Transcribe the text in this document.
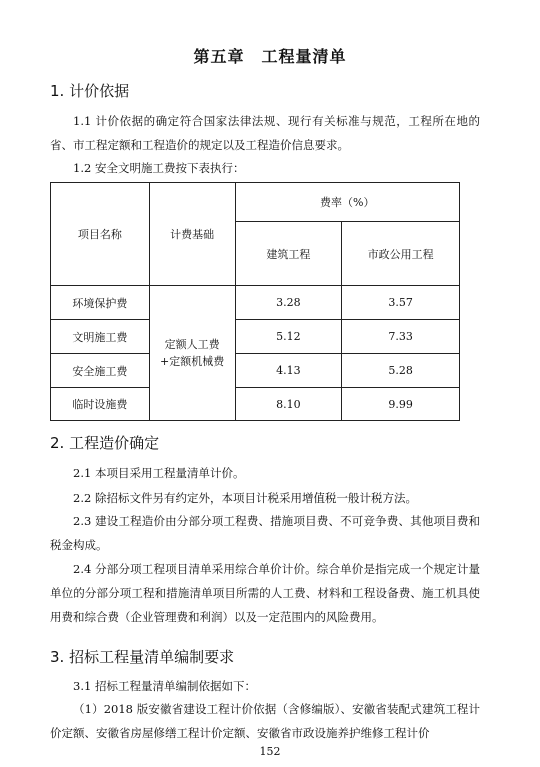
第五章　工程量清单
1. 计价依据
1.1 计价依据的确定符合国家法律法规、现行有关标准与规范，工程所在地的省、市工程定额和工程造价的规定以及工程造价信息要求。
1.2 安全文明施工费按下表执行：
项目名称	计费基础	费率（%）	
		建筑工程	市政公用工程
环境保护费	定额人工费+定额机械费	3.28	3.57
文明施工费		5.12	7.33
安全施工费		4.13	5.28
临时设施费		8.10	9.99
2. 工程造价确定
2.1 本项目采用工程量清单计价。
2.2 除招标文件另有约定外，本项目计税采用增值税一般计税方法。
2.3 建设工程造价由分部分项工程费、措施项目费、不可竞争费、其他项目费和税金构成。
2.4 分部分项工程项目清单采用综合单价计价。综合单价是指完成一个规定计量单位的分部分项工程和措施清单项目所需的人工费、材料和工程设备费、施工机具使用费和综合费（企业管理费和利润）以及一定范围内的风险费用。
3. 招标工程量清单编制要求
3.1 招标工程量清单编制依据如下：
（1）2018 版安徽省建设工程计价依据（含修编版）、安徽省装配式建筑工程计价定额、安徽省房屋修缮工程计价定额、安徽省市政设施养护维修工程计价
152
